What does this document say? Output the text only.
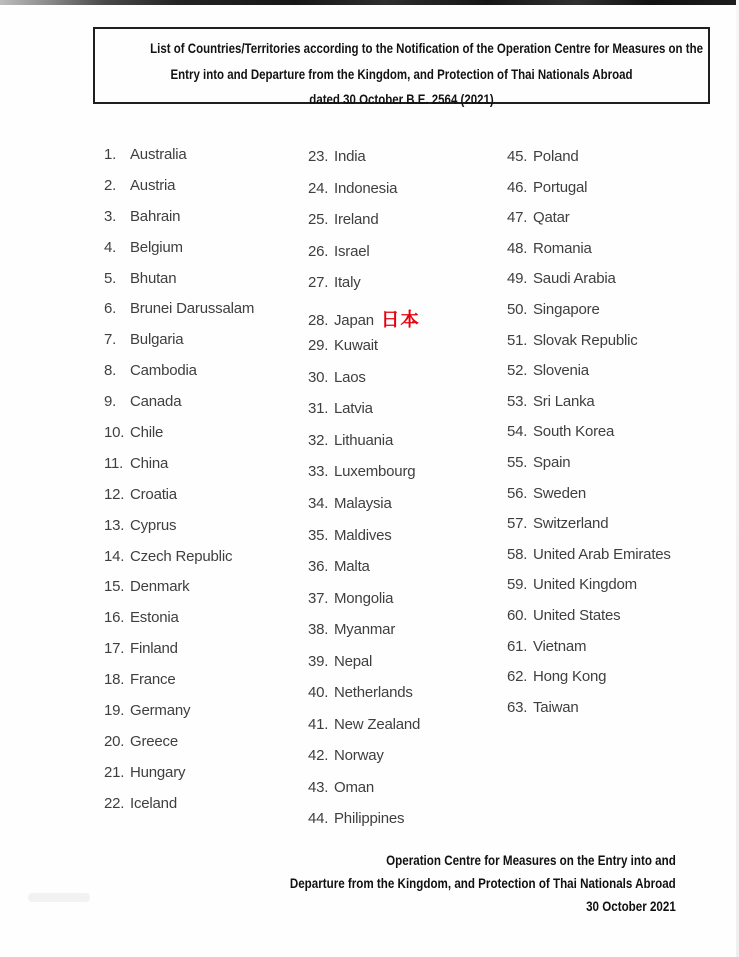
List of Countries/Territories according to the Notification of the Operation Centre for Measures on the
Entry into and Departure from the Kingdom, and Protection of Thai Nationals Abroad
dated 30 October B.E. 2564 (2021)
1. Australia
2. Austria
3. Bahrain
4. Belgium
5. Bhutan
6. Brunei Darussalam
7. Bulgaria
8. Cambodia
9. Canada
10. Chile
11. China
12. Croatia
13. Cyprus
14. Czech Republic
15. Denmark
16. Estonia
17. Finland
18. France
19. Germany
20. Greece
21. Hungary
22. Iceland
23. India
24. Indonesia
25. Ireland
26. Israel
27. Italy
28. Japan 日本
29. Kuwait
30. Laos
31. Latvia
32. Lithuania
33. Luxembourg
34. Malaysia
35. Maldives
36. Malta
37. Mongolia
38. Myanmar
39. Nepal
40. Netherlands
41. New Zealand
42. Norway
43. Oman
44. Philippines
45. Poland
46. Portugal
47. Qatar
48. Romania
49. Saudi Arabia
50. Singapore
51. Slovak Republic
52. Slovenia
53. Sri Lanka
54. South Korea
55. Spain
56. Sweden
57. Switzerland
58. United Arab Emirates
59. United Kingdom
60. United States
61. Vietnam
62. Hong Kong
63. Taiwan
Operation Centre for Measures on the Entry into and
Departure from the Kingdom, and Protection of Thai Nationals Abroad
30 October 2021
